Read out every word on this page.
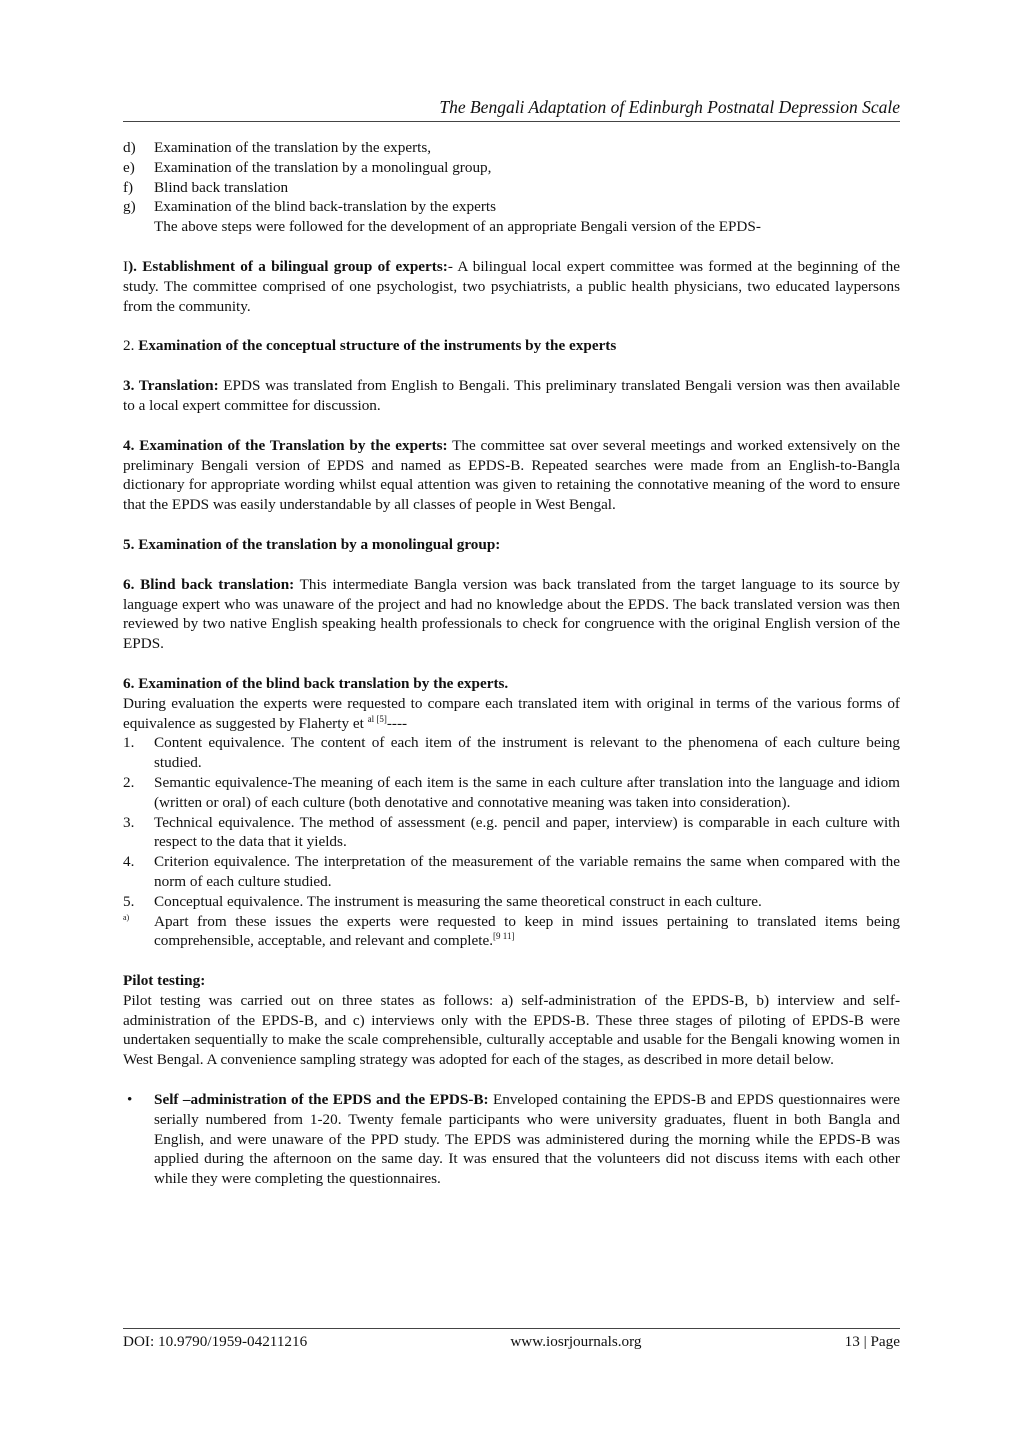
The Bengali Adaptation of Edinburgh Postnatal Depression Scale
d)	Examination of the translation by the experts,
e)	Examination of the translation by a monolingual group,
f)	Blind back translation
g)	Examination of the blind back-translation by the experts
The above steps were followed for the development of an appropriate Bengali version of the EPDS-

I). Establishment of a bilingual group of experts:- A bilingual local expert committee was formed at the beginning of the study. The committee comprised of one psychologist, two psychiatrists, a public health physicians, two educated laypersons from the community.

2. Examination of the conceptual structure of the instruments by the experts

3. Translation: EPDS was translated from English to Bengali. This preliminary translated Bengali version was then available to a local expert committee for discussion.

4. Examination of the Translation by the experts: The committee sat over several meetings and worked extensively on the preliminary Bengali version of EPDS and named as EPDS-B. Repeated searches were made from an English-to-Bangla dictionary for appropriate wording whilst equal attention was given to retaining the connotative meaning of the word to ensure that the EPDS was easily understandable by all classes of people in West Bengal.

5. Examination of the translation by a monolingual group:

6. Blind back translation: This intermediate Bangla version was back translated from the target language to its source by language expert who was unaware of the project and had no knowledge about the EPDS. The back translated version was then reviewed by two native English speaking health professionals to check for congruence with the original English version of the EPDS.

6. Examination of the blind back translation by the experts.

During evaluation the experts were requested to compare each translated item with original in terms of the various forms of equivalence as suggested by Flaherty et $^{al [5]}$----

1.	Content equivalence. The content of each item of the instrument is relevant to the phenomena of each culture being studied.
2.	Semantic equivalence-The meaning of each item is the same in each culture after translation into the language and idiom (written or oral) of each culture (both denotative and connotative meaning was taken into consideration).
3.	Technical equivalence. The method of assessment (e.g. pencil and paper, interview) is comparable in each culture with respect to the data that it yields.
4.	Criterion equivalence. The interpretation of the measurement of the variable remains the same when compared with the norm of each culture studied.
5.	Conceptual equivalence. The instrument is measuring the same theoretical construct in each culture.
a)	Apart from these issues the experts were requested to keep in mind issues pertaining to translated items being comprehensible, acceptable, and relevant and complete.[9 11]

Pilot testing:

Pilot testing was carried out on three states as follows: a) self-administration of the EPDS-B, b) interview and self-administration of the EPDS-B, and c) interviews only with the EPDS-B. These three stages of piloting of EPDS-B were undertaken sequentially to make the scale comprehensible, culturally acceptable and usable for the Bengali knowing women in West Bengal. A convenience sampling strategy was adopted for each of the stages, as described in more detail below.

•	Self –administration of the EPDS and the EPDS-B: Enveloped containing the EPDS-B and EPDS questionnaires were serially numbered from 1-20. Twenty female participants who were university graduates, fluent in both Bangla and English, and were unaware of the PPD study. The EPDS was administered during the morning while the EPDS-B was applied during the afternoon on the same day. It was ensured that the volunteers did not discuss items with each other while they were completing the questionnaires.
DOI: 10.9790/1959-04211216	www.iosrjournals.org	13 | Page
